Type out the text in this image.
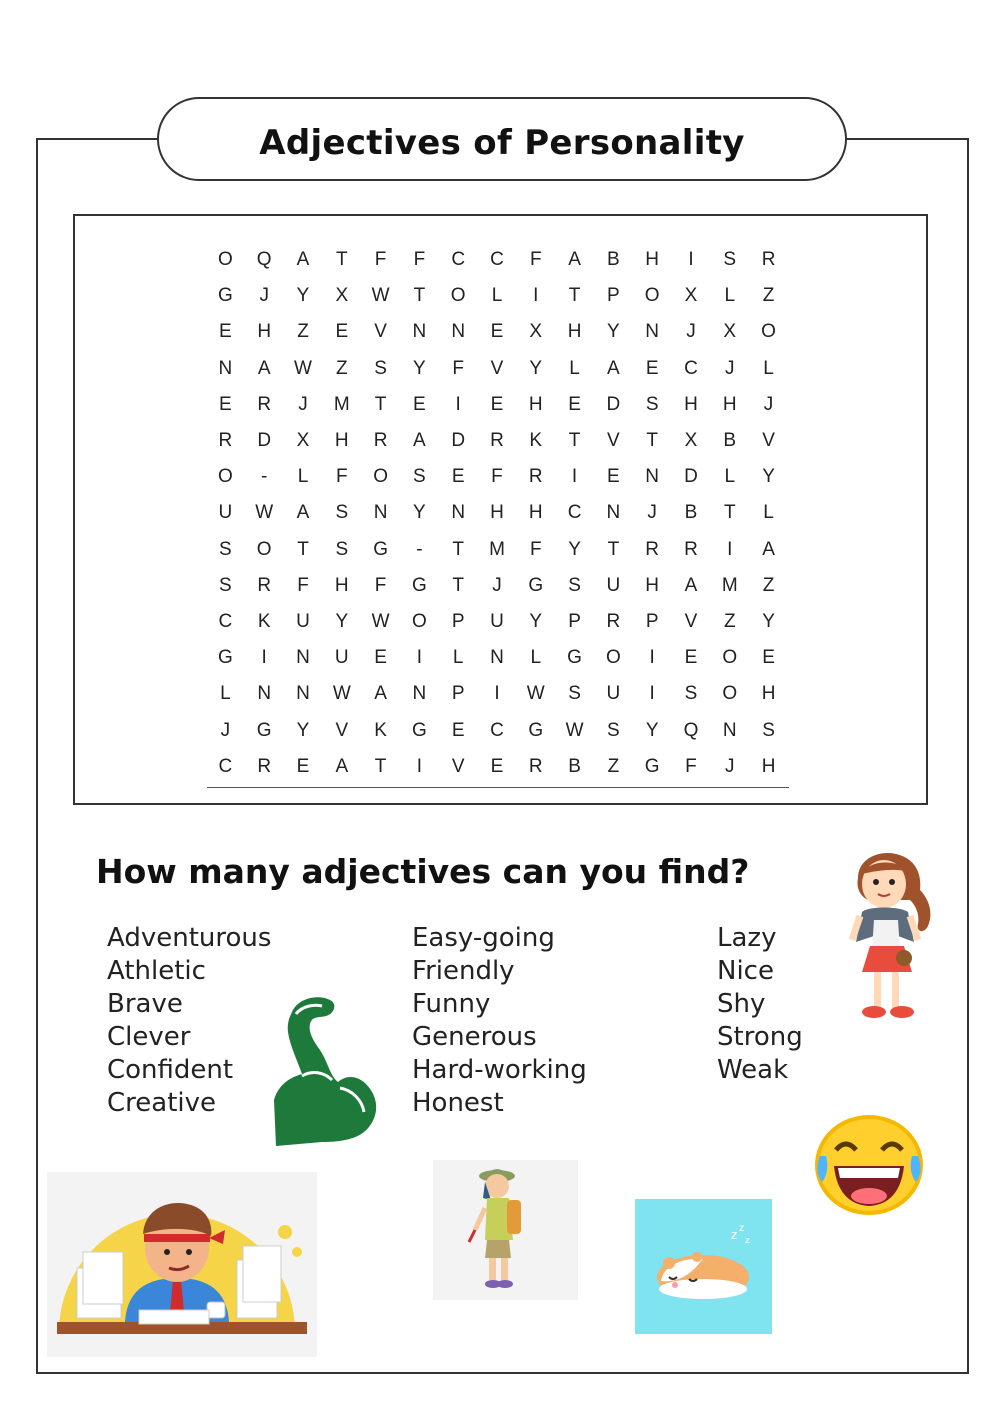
Adjectives of Personality
O	Q	A	T	F	F	C	C	F	A	B	H	I	S	R
G	J	Y	X	W	T	O	L	I	T	P	O	X	L	Z
E	H	Z	E	V	N	N	E	X	H	Y	N	J	X	O
N	A	W	Z	S	Y	F	V	Y	L	A	E	C	J	L
E	R	J	M	T	E	I	E	H	E	D	S	H	H	J
R	D	X	H	R	A	D	R	K	T	V	T	X	B	V
O	-	L	F	O	S	E	F	R	I	E	N	D	L	Y
U	W	A	S	N	Y	N	H	H	C	N	J	B	T	L
S	O	T	S	G	-	T	M	F	Y	T	R	R	I	A
S	R	F	H	F	G	T	J	G	S	U	H	A	M	Z
C	K	U	Y	W	O	P	U	Y	P	R	P	V	Z	Y
G	I	N	U	E	I	L	N	L	G	O	I	E	O	E
L	N	N	W	A	N	P	I	W	S	U	I	S	O	H
J	G	Y	V	K	G	E	C	G	W	S	Y	Q	N	S
C	R	E	A	T	I	V	E	R	B	Z	G	F	J	H
How many adjectives can you find?
Adventurous
Athletic
Brave
Clever
Confident
Creative
Easy-going
Friendly
Funny
Generous
Hard-working
Honest
Lazy
Nice
Shy
Strong
Weak
z z
z
